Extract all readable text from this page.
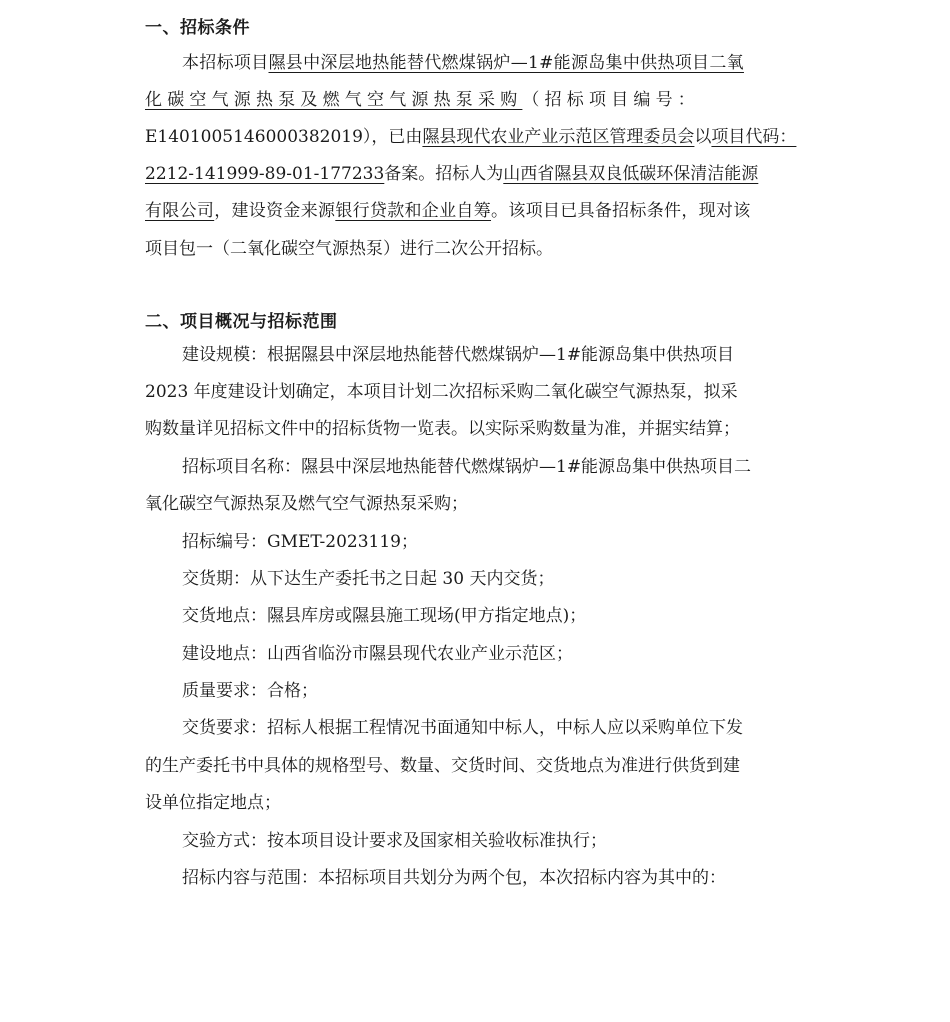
一、招标条件
本招标项目隰县中深层地热能替代燃煤锅炉—1#能源岛集中供热项目二氧
化碳空气源热泵及燃气空气源热泵采购（招标项目编号：
E1401005146000382019），已由隰县现代农业产业示范区管理委员会以项目代码：
2212-141999-89-01-177233备案。招标人为山西省隰县双良低碳环保清洁能源
有限公司，建设资金来源银行贷款和企业自筹。该项目已具备招标条件，现对该
项目包一（二氧化碳空气源热泵）进行二次公开招标。
二、项目概况与招标范围
建设规模：根据隰县中深层地热能替代燃煤锅炉—1#能源岛集中供热项目
2023 年度建设计划确定，本项目计划二次招标采购二氧化碳空气源热泵，拟采
购数量详见招标文件中的招标货物一览表。以实际采购数量为准，并据实结算；
招标项目名称：隰县中深层地热能替代燃煤锅炉—1#能源岛集中供热项目二
氧化碳空气源热泵及燃气空气源热泵采购；
招标编号：GMET-2023119；
交货期：从下达生产委托书之日起 30 天内交货；
交货地点：隰县库房或隰县施工现场(甲方指定地点)；
建设地点：山西省临汾市隰县现代农业产业示范区；
质量要求：合格；
交货要求：招标人根据工程情况书面通知中标人，中标人应以采购单位下发
的生产委托书中具体的规格型号、数量、交货时间、交货地点为准进行供货到建
设单位指定地点；
交验方式：按本项目设计要求及国家相关验收标准执行；
招标内容与范围：本招标项目共划分为两个包，本次招标内容为其中的：
